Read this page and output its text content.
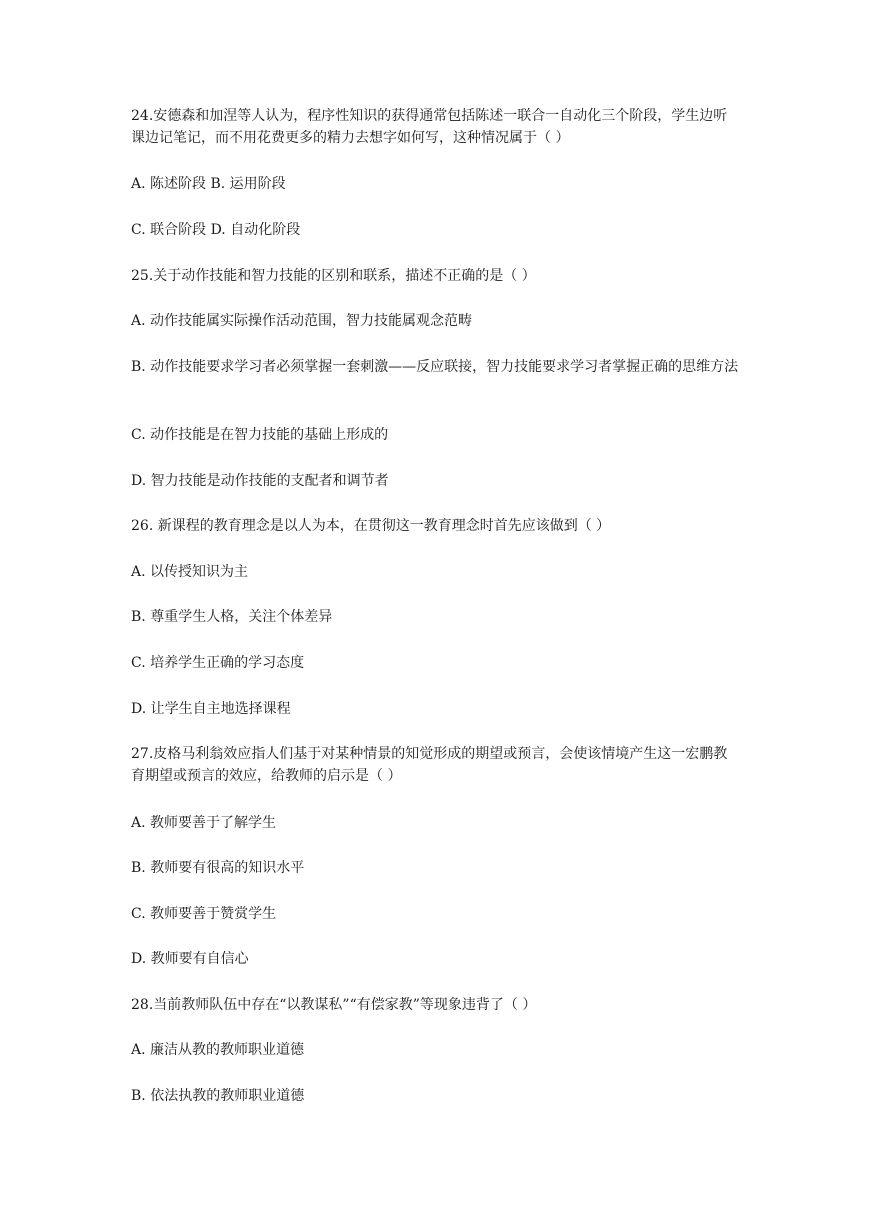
24.安德森和加涅等人认为，程序性知识的获得通常包括陈述一联合一自动化三个阶段，学生边听课边记笔记，而不用花费更多的精力去想字如何写，这种情况属于（ ）
A. 陈述阶段 B. 运用阶段
C. 联合阶段 D. 自动化阶段
25.关于动作技能和智力技能的区别和联系，描述不正确的是（ ）
A. 动作技能属实际操作活动范围，智力技能属观念范畴
B. 动作技能要求学习者必须掌握一套刺激——反应联接，智力技能要求学习者掌握正确的思维方法
C. 动作技能是在智力技能的基础上形成的
D. 智力技能是动作技能的支配者和调节者
26. 新课程的教育理念是以人为本，在贯彻这一教育理念时首先应该做到（ ）
A. 以传授知识为主
B. 尊重学生人格，关注个体差异
C. 培养学生正确的学习态度
D. 让学生自主地选择课程
27.皮格马利翁效应指人们基于对某种情景的知觉形成的期望或预言，会使该情境产生这一宏鹏教育期望或预言的效应，给教师的启示是（ ）
A. 教师要善于了解学生
B. 教师要有很高的知识水平
C. 教师要善于赞赏学生
D. 教师要有自信心
28.当前教师队伍中存在“以教谋私”“有偿家教”等现象违背了（ ）
A. 廉洁从教的教师职业道德
B. 依法执教的教师职业道德
